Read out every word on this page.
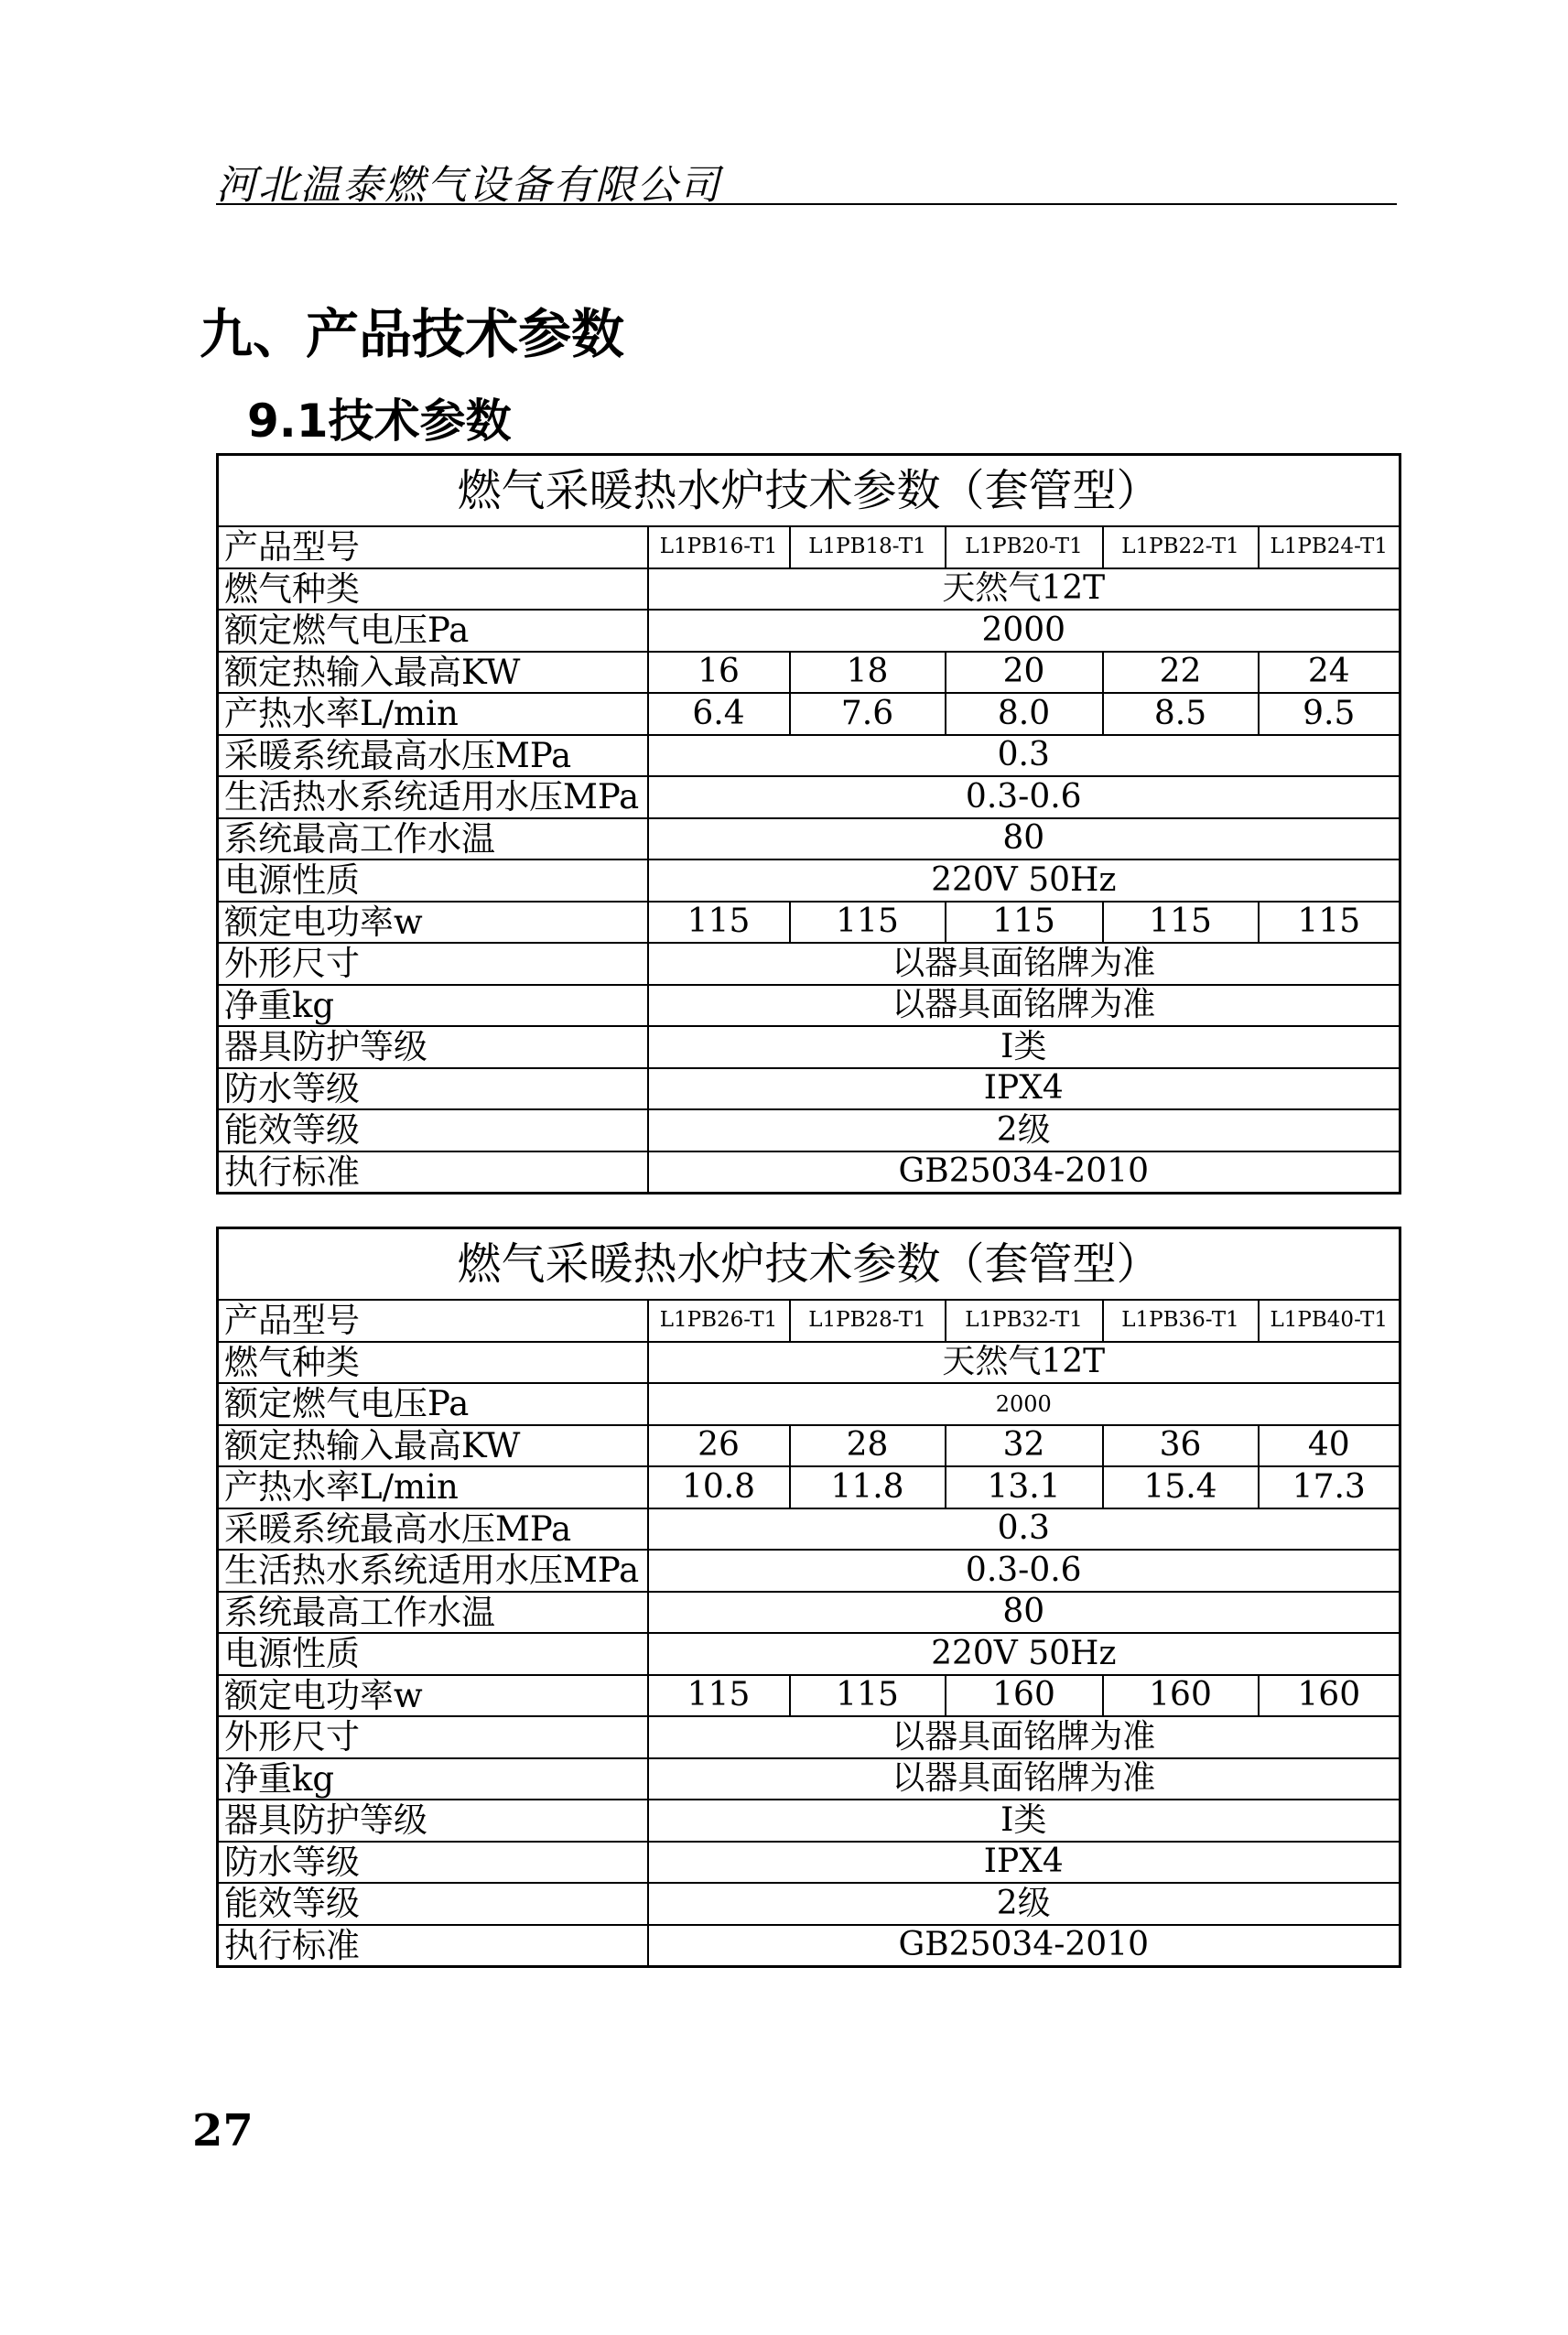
河北温泰燃气设备有限公司
九、产品技术参数
9.1技术参数
燃气采暖热水炉技术参数（套管型）					
产品型号	L1PB16-T1	L1PB18-T1	L1PB20-T1	L1PB22-T1	L1PB24-T1
燃气种类	天然气12T				
额定燃气电压Pa	2000				
额定热输入最高KW	16	18	20	22	24
产热水率L/min	6.4	7.6	8.0	8.5	9.5
采暖系统最高水压MPa	0.3				
生活热水系统适用水压MPa	0.3-0.6				
系统最高工作水温	80				
电源性质	220V 50Hz				
额定电功率w	115	115	115	115	115
外形尺寸	以器具面铭牌为准				
净重kg	以器具面铭牌为准				
器具防护等级	I类				
防水等级	IPX4				
能效等级	2级				
执行标准	GB25034-2010				
燃气采暖热水炉技术参数（套管型）					
产品型号	L1PB26-T1	L1PB28-T1	L1PB32-T1	L1PB36-T1	L1PB40-T1
燃气种类	天然气12T				
额定燃气电压Pa	2000				
额定热输入最高KW	26	28	32	36	40
产热水率L/min	10.8	11.8	13.1	15.4	17.3
采暖系统最高水压MPa	0.3				
生活热水系统适用水压MPa	0.3-0.6				
系统最高工作水温	80				
电源性质	220V 50Hz				
额定电功率w	115	115	160	160	160
外形尺寸	以器具面铭牌为准				
净重kg	以器具面铭牌为准				
器具防护等级	I类				
防水等级	IPX4				
能效等级	2级				
执行标准	GB25034-2010				
27
